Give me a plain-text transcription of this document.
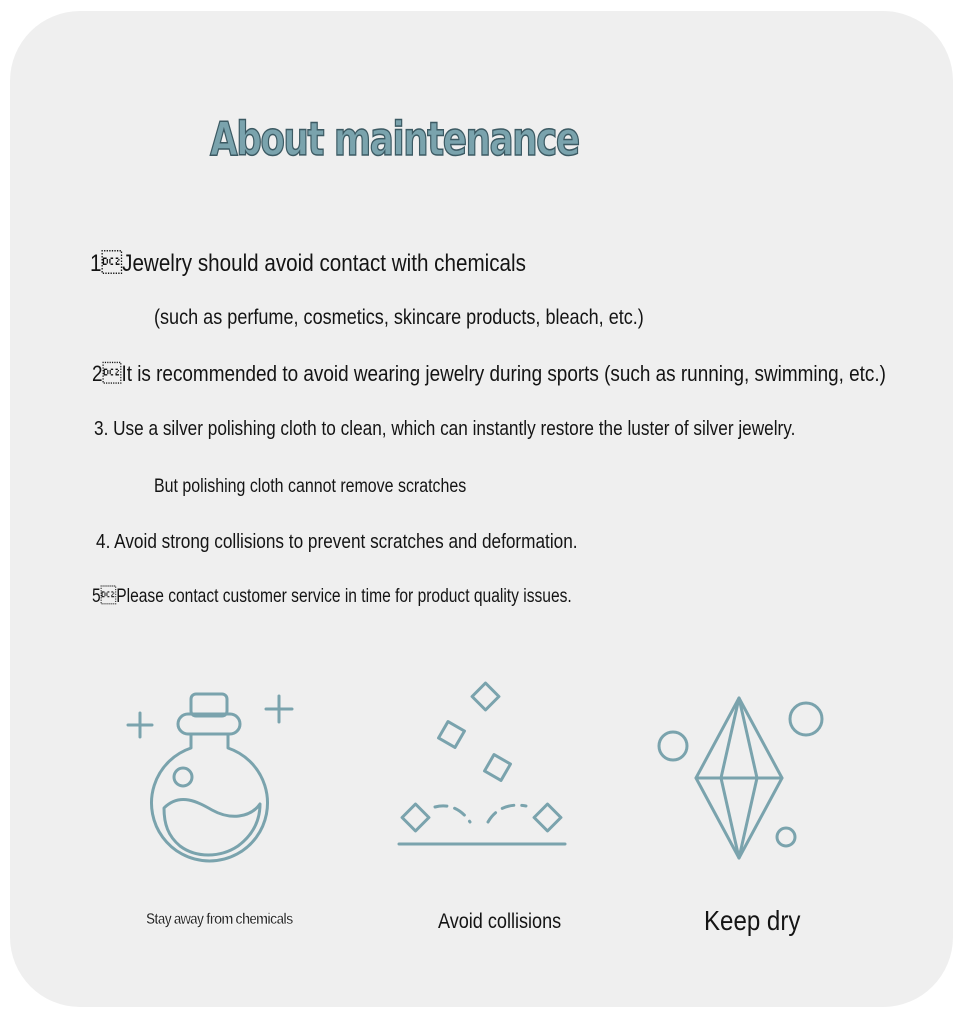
About maintenance
1Jewelry should avoid contact with chemicals
(such as perfume, cosmetics, skincare products, bleach, etc.)
2It is recommended to avoid wearing jewelry during sports (such as running, swimming, etc.)
3. Use a silver polishing cloth to clean, which can instantly restore the luster of silver jewelry.
But polishing cloth cannot remove scratches
4. Avoid strong collisions to prevent scratches and deformation.
5Please contact customer service in time for product quality issues.
Stay away from chemicals	Avoid collisions	Keep dry
